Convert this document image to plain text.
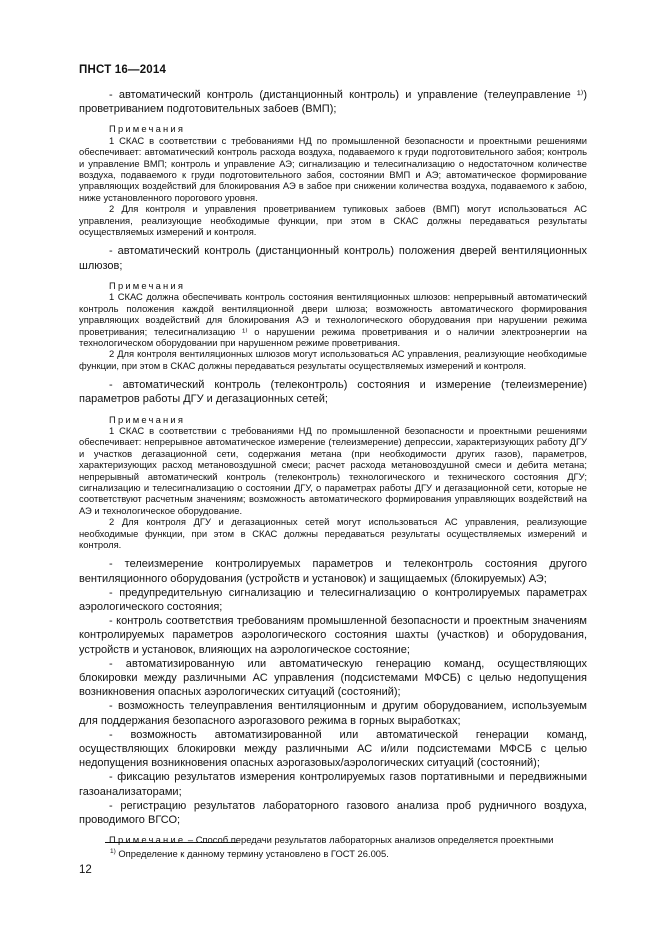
ПНСТ 16—2014

- автоматический контроль (дистанционный контроль) и управление (телеуправление ¹⁾) проветриванием подготовительных забоев (ВМП);

Примечания

1 СКАС в соответствии с требованиями НД по промышленной безопасности и проектными решениями обеспечивает: автоматический контроль расхода воздуха, подаваемого к груди подготовительного забоя; контроль и управление ВМП; контроль и управление АЭ; сигнализацию и телесигнализацию о недостаточном количестве воздуха, подаваемого к груди подготовительного забоя, состоянии ВМП и АЭ; автоматическое формирование управляющих воздействий для блокирования АЭ в забое при снижении количества воздуха, подаваемого к забою, ниже установленного порогового уровня.

2 Для контроля и управления проветриванием тупиковых забоев (ВМП) могут использоваться АС управления, реализующие необходимые функции, при этом в СКАС должны передаваться результаты осуществляемых измерений и контроля.

- автоматический контроль (дистанционный контроль) положения дверей вентиляционных шлюзов;

Примечания

1 СКАС должна обеспечивать контроль состояния вентиляционных шлюзов: непрерывный автоматический контроль положения каждой вентиляционной двери шлюза; возможность автоматического формирования управляющих воздействий для блокирования АЭ и технологического оборудования при нарушении режима проветривания; телесигнализацию ¹⁾ о нарушении режима проветривания и о наличии электроэнергии на технологическом оборудовании при нарушенном режиме проветривания.

2 Для контроля вентиляционных шлюзов могут использоваться АС управления, реализующие необходимые функции, при этом в СКАС должны передаваться результаты осуществляемых измерений и контроля.

- автоматический контроль (телеконтроль) состояния и измерение (телеизмерение) параметров работы ДГУ и дегазационных сетей;

Примечания

1 СКАС в соответствии с требованиями НД по промышленной безопасности и проектными решениями обеспечивает: непрерывное автоматическое измерение (телеизмерение) депрессии, характеризующих работу ДГУ и участков дегазационной сети, содержания метана (при необходимости других газов), параметров, характеризующих расход метановоздушной смеси; расчет расхода метановоздушной смеси и дебита метана; непрерывный автоматический контроль (телеконтроль) технологического и технического состояния ДГУ; сигнализацию и телесигнализацию о состоянии ДГУ, о параметрах работы ДГУ и дегазационной сети, которые не соответствуют расчетным значениям; возможность автоматического формирования управляющих воздействий на АЭ и технологическое оборудование.

2 Для контроля ДГУ и дегазационных сетей могут использоваться АС управления, реализующие необходимые функции, при этом в СКАС должны передаваться результаты осуществляемых измерений и контроля.

- телеизмерение контролируемых параметров и телеконтроль состояния другого вентиляционного оборудования (устройств и установок) и защищаемых (блокируемых) АЭ;

- предупредительную сигнализацию и телесигнализацию о контролируемых параметрах аэрологического состояния;

- контроль соответствия требованиям промышленной безопасности и проектным значениям контролируемых параметров аэрологического состояния шахты (участков) и оборудования, устройств и установок, влияющих на аэрологическое состояние;

- автоматизированную или автоматическую генерацию команд, осуществляющих блокировки между различными АС управления (подсистемами МФСБ) с целью недопущения возникновения опасных аэрологических ситуаций (состояний);

- возможность телеуправления вентиляционным и другим оборудованием, используемым для поддержания безопасного аэрогазового режима в горных выработках;

- возможность автоматизированной или автоматической генерации команд, осуществляющих блокировки между различными АС и/или подсистемами МФСБ с целью недопущения возникновения опасных аэрогазовых/аэрологических ситуаций (состояний);

- фиксацию результатов измерения контролируемых газов портативными и передвижными газоанализаторами;

- регистрацию результатов лабораторного газового анализа проб рудничного воздуха, проводимого ВГСО;

Примечание – Способ передачи результатов лабораторных анализов определяется проектными

$^{1)}$ Определение к данному термину установлено в ГОСТ 26.005.
12
